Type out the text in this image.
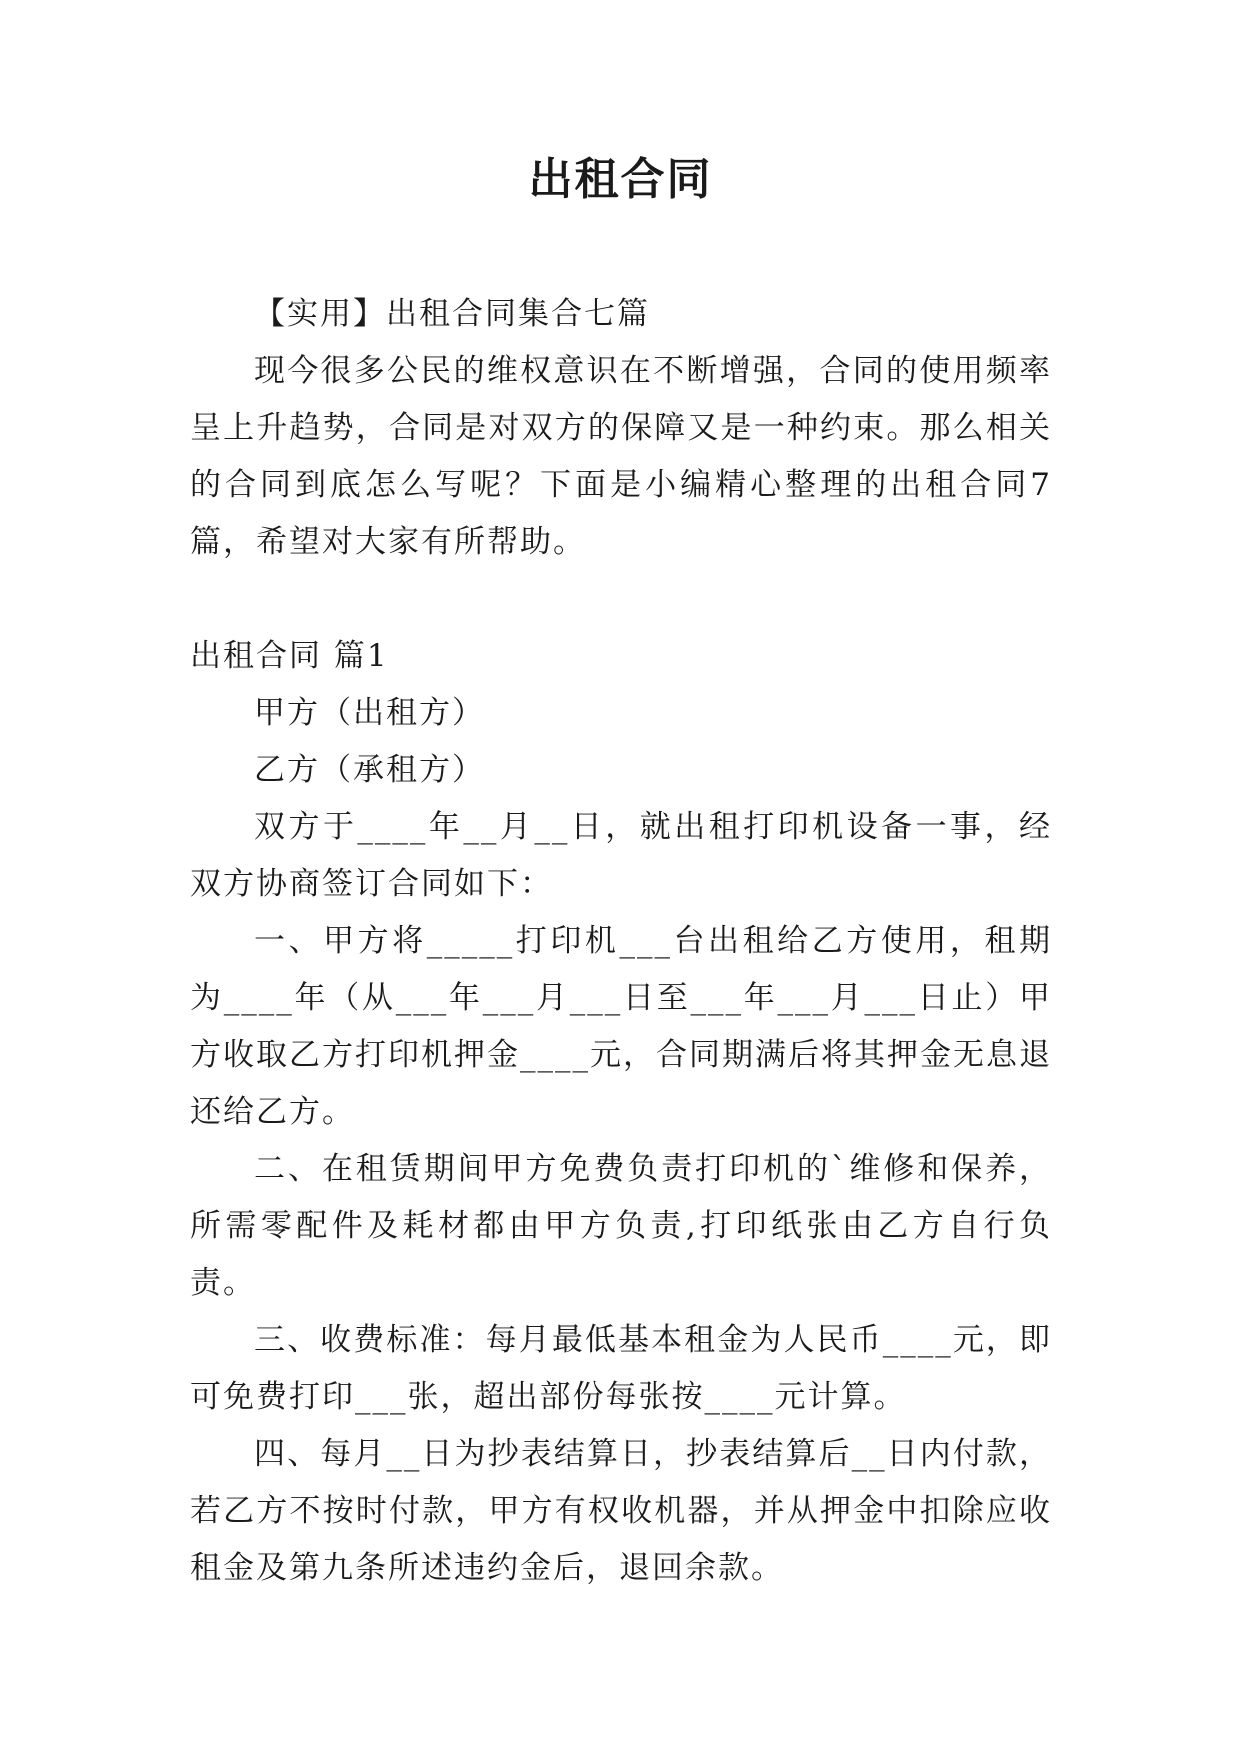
出租合同

【实用】出租合同集合七篇

现今很多公民的维权意识在不断增强，合同的使用频率呈上升趋势，合同是对双方的保障又是一种约束。那么相关的合同到底怎么写呢？下面是小编精心整理的出租合同7篇，希望对大家有所帮助。

出租合同 篇1

甲方（出租方）

乙方（承租方）

双方于____年__月__日，就出租打印机设备一事，经双方协商签订合同如下：

一、甲方将_____打印机___台出租给乙方使用，租期为____年（从___年___月___日至___年___月___日止）甲方收取乙方打印机押金____元，合同期满后将其押金无息退还给乙方。

二、在租赁期间甲方免费负责打印机的`维修和保养，所需零配件及耗材都由甲方负责,打印纸张由乙方自行负责。

三、收费标准：每月最低基本租金为人民币____元，即可免费打印___张，超出部份每张按____元计算。

四、每月__日为抄表结算日，抄表结算后__日内付款，若乙方不按时付款，甲方有权收机器，并从押金中扣除应收租金及第九条所述违约金后，退回余款。
